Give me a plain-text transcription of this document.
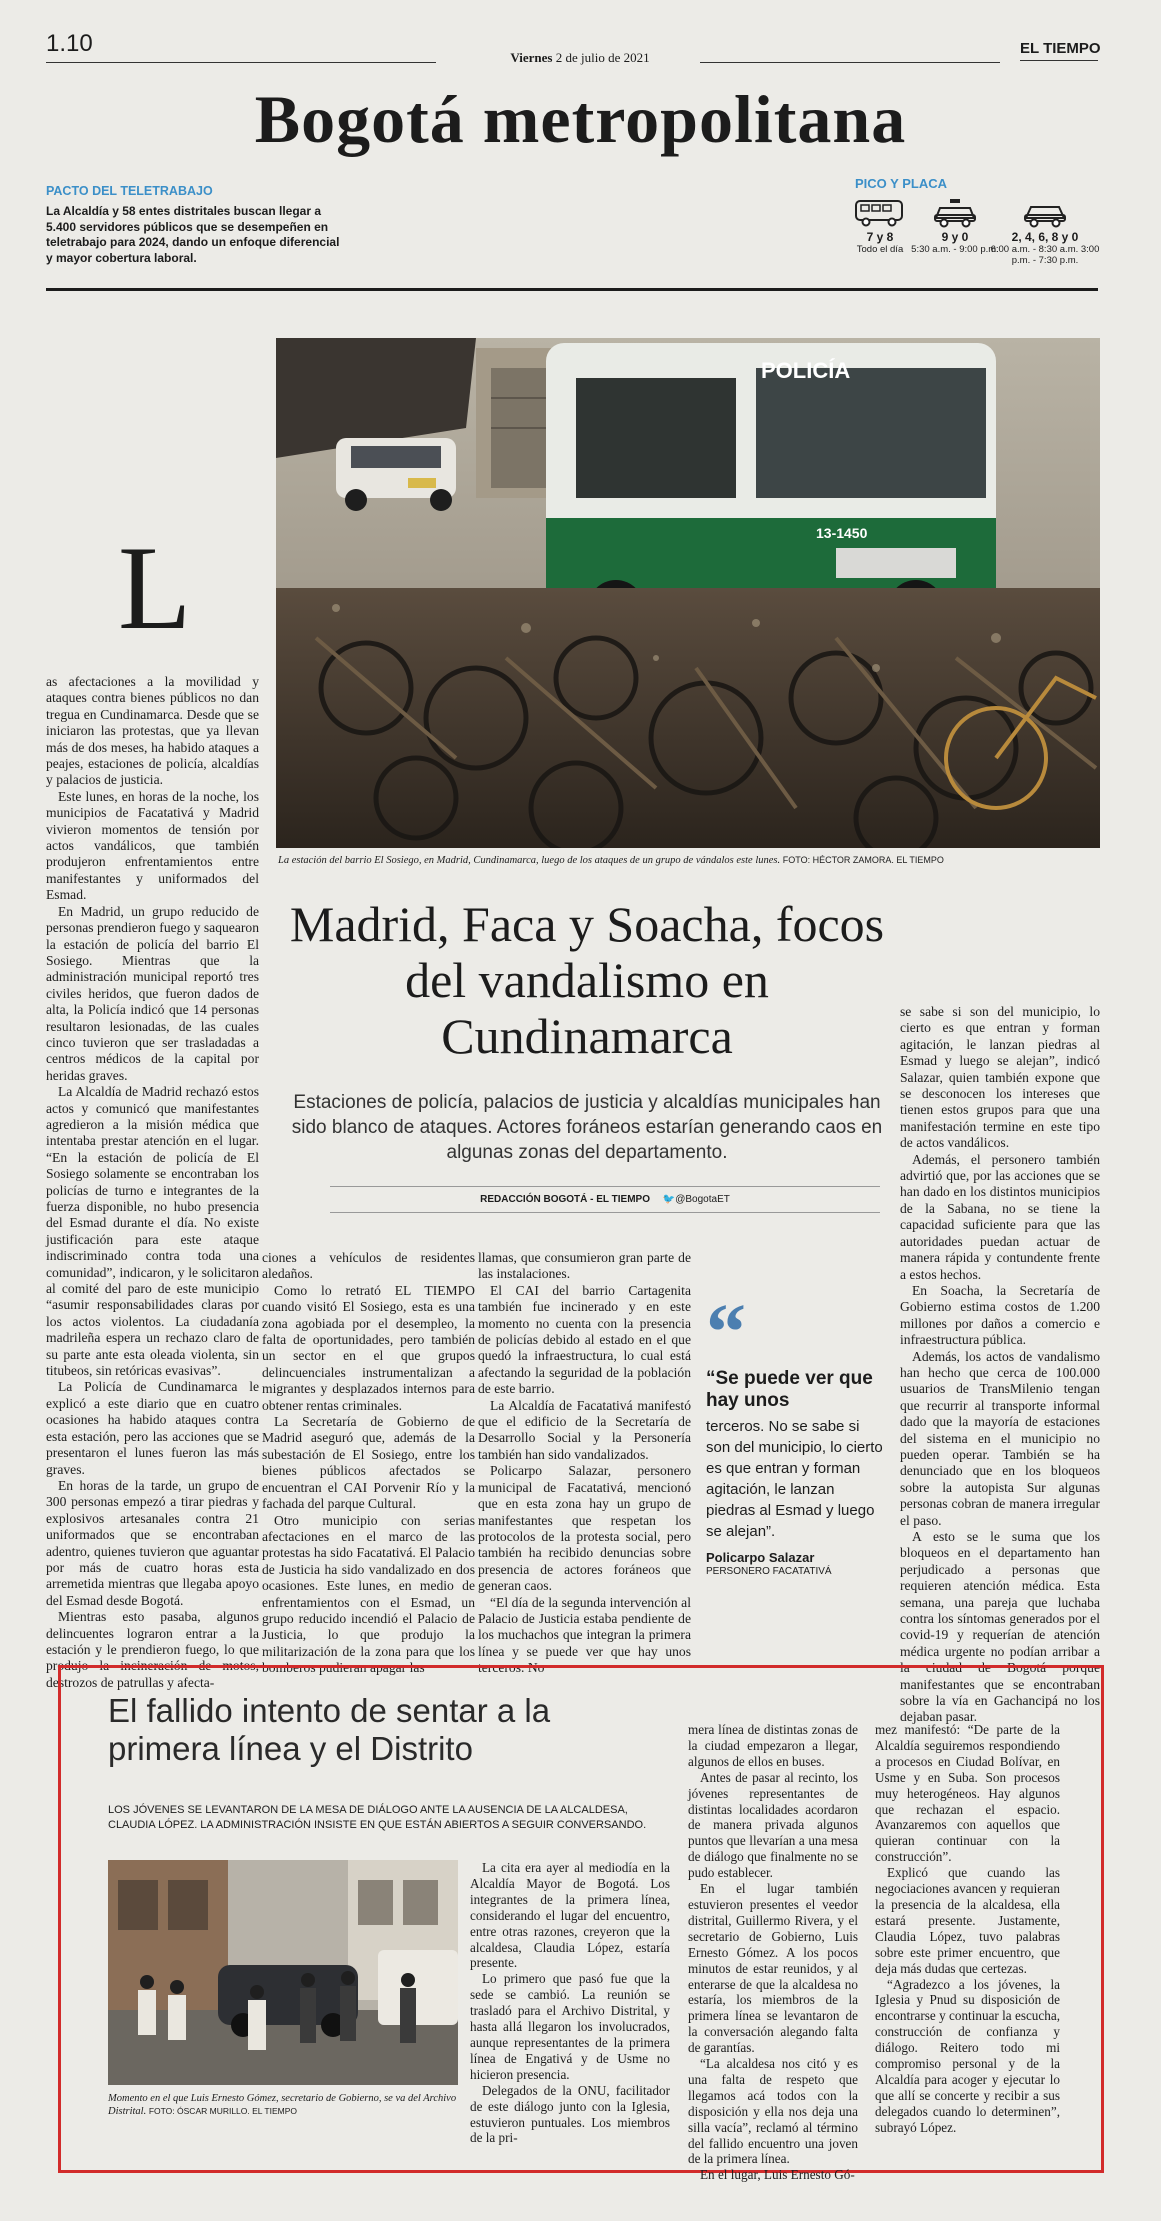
1.10
Viernes 2 de julio de 2021
EL TIEMPO
Bogotá metropolitana
PACTO DEL TELETRABAJO
La Alcaldía y 58 entes distritales buscan llegar a 5.400 servidores públicos que se desempeñen en teletrabajo para 2024, dando un enfoque diferencial y mayor cobertura laboral.
PICO Y PLACA
7 y 8
Todo el día
9 y 0
5:30 a.m. - 9:00 p.m.
2, 4, 6, 8 y 0
6:00 a.m. - 8:30 a.m. 3:00 p.m. - 7:30 p.m.
POLICÍA
13-1450
La estación del barrio El Sosiego, en Madrid, Cundinamarca, luego de los ataques de un grupo de vándalos este lunes. FOTO: HÉCTOR ZAMORA. EL TIEMPO
L

as afectaciones a la movilidad y ataques contra bienes públicos no dan tregua en Cundinamarca. Desde que se iniciaron las protestas, que ya llevan más de dos meses, ha habido ataques a peajes, estaciones de policía, alcaldías y palacios de justicia.

Este lunes, en horas de la noche, los municipios de Facatativá y Madrid vivieron momentos de tensión por actos vandálicos, que también produjeron enfrentamientos entre manifestantes y uniformados del Esmad.

En Madrid, un grupo reducido de personas prendieron fuego y saquearon la estación de policía del barrio El Sosiego. Mientras que la administración municipal reportó tres civiles heridos, que fueron dados de alta, la Policía indicó que 14 personas resultaron lesionadas, de las cuales cinco tuvieron que ser trasladadas a centros médicos de la capital por heridas graves.

La Alcaldía de Madrid rechazó estos actos y comunicó que manifestantes agredieron a la misión médica que intentaba prestar atención en el lugar. “En la estación de policía de El Sosiego solamente se encontraban los policías de turno e integrantes de la fuerza disponible, no hubo presencia del Esmad durante el día. No existe justificación para este ataque indiscriminado contra toda una comunidad”, indicaron, y le solicitaron al comité del paro de este municipio “asumir responsabilidades claras por los actos violentos. La ciudadanía madrileña espera un rechazo claro de su parte ante esta oleada violenta, sin titubeos, sin retóricas evasivas”.

La Policía de Cundinamarca le explicó a este diario que en cuatro ocasiones ha habido ataques contra esta estación, pero las acciones que se presentaron el lunes fueron las más graves.

En horas de la tarde, un grupo de 300 personas empezó a tirar piedras y explosivos artesanales contra 21 uniformados que se encontraban adentro, quienes tuvieron que aguantar por más de cuatro horas esta arremetida mientras que llegaba apoyo del Esmad desde Bogotá.

Mientras esto pasaba, algunos delincuentes lograron entrar a la estación y le prendieron fuego, lo que produjo la incineración de motos, destrozos de patrullas y afecta-

Madrid, Faca y Soacha, focos del vandalismo en Cundinamarca
Estaciones de policía, palacios de justicia y alcaldías municipales han sido blanco de ataques. Actores foráneos estarían generando caos en algunas zonas del departamento.
REDACCIÓN BOGOTÁ - EL TIEMPO 🐦@BogotaET

ciones a vehículos de residentes aledaños.

Como lo retrató EL TIEMPO cuando visitó El Sosiego, esta es una zona agobiada por el desempleo, la falta de oportunidades, pero también un sector en el que grupos delincuenciales instrumentalizan a migrantes y desplazados internos para obtener rentas criminales.

La Secretaría de Gobierno de Madrid aseguró que, además de la subestación de El Sosiego, entre los bienes públicos afectados se encuentran el CAI Porvenir Río y la fachada del parque Cultural.

Otro municipio con serias afectaciones en el marco de las protestas ha sido Facatativá. El Palacio de Justicia ha sido vandalizado en dos ocasiones. Este lunes, en medio de enfrentamientos con el Esmad, un grupo reducido incendió el Palacio de Justicia, lo que produjo la militarización de la zona para que los bomberos pudieran apagar las

llamas, que consumieron gran parte de las instalaciones.

El CAI del barrio Cartagenita también fue incinerado y en este momento no cuenta con la presencia de policías debido al estado en el que quedó la infraestructura, lo cual está afectando la seguridad de la población de este barrio.

La Alcaldía de Facatativá manifestó que el edificio de la Secretaría de Desarrollo Social y la Personería también han sido vandalizados.

Policarpo Salazar, personero municipal de Facatativá, mencionó que en esta zona hay un grupo de manifestantes que respetan los protocolos de la protesta social, pero también ha recibido denuncias sobre presencia de actores foráneos que generan caos.

“El día de la segunda intervención al Palacio de Justicia estaba pendiente de los muchachos que integran la primera línea y se puede ver que hay unos terceros. No

“
“Se puede ver que hay unos
terceros. No se sabe si son del municipio, lo cierto es que entran y forman agitación, le lanzan piedras al Esmad y luego se alejan”.
Policarpo Salazar
PERSONERO FACATATIVÁ

se sabe si son del municipio, lo cierto es que entran y forman agitación, le lanzan piedras al Esmad y luego se alejan”, indicó Salazar, quien también expone que se desconocen los intereses que tienen estos grupos para que una manifestación termine en este tipo de actos vandálicos.

Además, el personero también advirtió que, por las acciones que se han dado en los distintos municipios de la Sabana, no se tiene la capacidad suficiente para que las autoridades puedan actuar de manera rápida y contundente frente a estos hechos.

En Soacha, la Secretaría de Gobierno estima costos de 1.200 millones por daños a comercio e infraestructura pública.

Además, los actos de vandalismo han hecho que cerca de 100.000 usuarios de TransMilenio tengan que recurrir al transporte informal dado que la mayoría de estaciones del sistema en el municipio no pueden operar. También se ha denunciado que en los bloqueos sobre la autopista Sur algunas personas cobran de manera irregular el paso.

A esto se le suma que los bloqueos en el departamento han perjudicado a personas que requieren atención médica. Esta semana, una pareja que luchaba contra los síntomas generados por el covid-19 y requerían de atención médica urgente no podían arribar a la ciudad de Bogotá porque manifestantes que se encontraban sobre la vía en Gachancipá no los dejaban pasar.

El fallido intento de sentar a la primera línea y el Distrito
LOS JÓVENES SE LEVANTARON DE LA MESA DE DIÁLOGO ANTE LA AUSENCIA DE LA ALCALDESA, CLAUDIA LÓPEZ. LA ADMINISTRACIÓN INSISTE EN QUE ESTÁN ABIERTOS A SEGUIR CONVERSANDO.
Momento en el que Luis Ernesto Gómez, secretario de Gobierno, se va del Archivo Distrital. FOTO: ÓSCAR MURILLO. EL TIEMPO

La cita era ayer al mediodía en la Alcaldía Mayor de Bogotá. Los integrantes de la primera línea, considerando el lugar del encuentro, entre otras razones, creyeron que la alcaldesa, Claudia López, estaría presente.

Lo primero que pasó fue que la sede se cambió. La reunión se trasladó para el Archivo Distrital, y hasta allá llegaron los involucrados, aunque representantes de la primera línea de Engativá y de Usme no hicieron presencia.

Delegados de la ONU, facilitador de este diálogo junto con la Iglesia, estuvieron puntuales. Los miembros de la pri-

mera línea de distintas zonas de la ciudad empezaron a llegar, algunos de ellos en buses.

Antes de pasar al recinto, los jóvenes representantes de distintas localidades acordaron de manera privada algunos puntos que llevarían a una mesa de diálogo que finalmente no se pudo establecer.

En el lugar también estuvieron presentes el veedor distrital, Guillermo Rivera, y el secretario de Gobierno, Luis Ernesto Gómez. A los pocos minutos de estar reunidos, y al enterarse de que la alcaldesa no estaría, los miembros de la primera línea se levantaron de la conversación alegando falta de garantías.

“La alcaldesa nos citó y es una falta de respeto que llegamos acá todos con la disposición y ella nos deja una silla vacía”, reclamó al término del fallido encuentro una joven de la primera línea.

En el lugar, Luis Ernesto Gó-

mez manifestó: “De parte de la Alcaldía seguiremos respondiendo a procesos en Ciudad Bolívar, en Usme y en Suba. Son procesos muy heterogéneos. Hay algunos que rechazan el espacio. Avanzaremos con aquellos que quieran continuar con la construcción”.

Explicó que cuando las negociaciones avancen y requieran la presencia de la alcaldesa, ella estará presente. Justamente, Claudia López, tuvo palabras sobre este primer encuentro, que deja más dudas que certezas.

“Agradezco a los jóvenes, la Iglesia y Pnud su disposición de encontrarse y continuar la escucha, construcción de confianza y diálogo. Reitero todo mi compromiso personal y de la Alcaldía para acoger y ejecutar lo que allí se concerte y recibir a sus delegados cuando lo determinen”, subrayó López.
